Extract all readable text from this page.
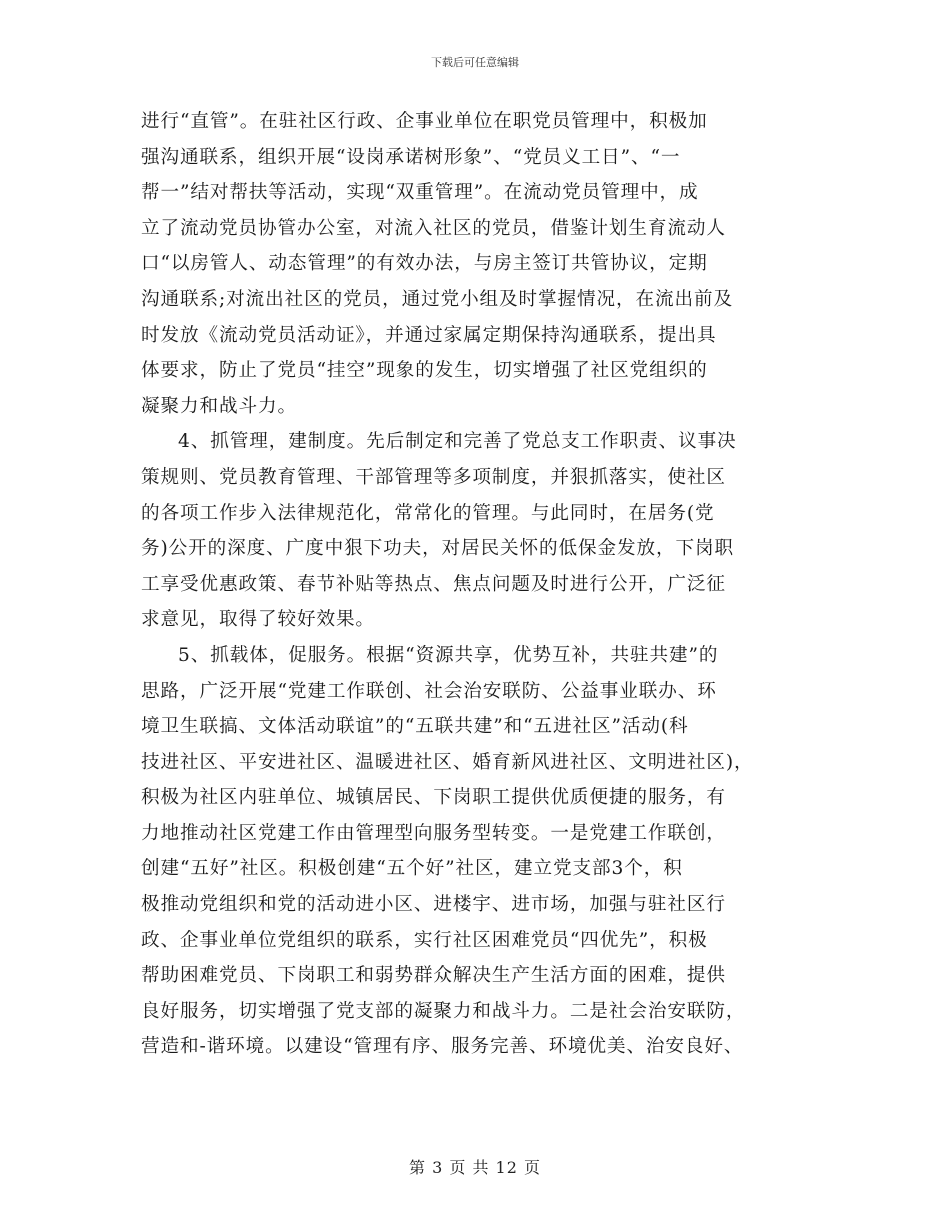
下载后可任意编辑
进行“直管”。在驻社区行政、企事业单位在职党员管理中，积极加
强沟通联系，组织开展“设岗承诺树形象”、“党员义工日”、“一
帮一”结对帮扶等活动，实现“双重管理”。在流动党员管理中，成
立了流动党员协管办公室，对流入社区的党员，借鉴计划生育流动人
口“以房管人、动态管理”的有效办法，与房主签订共管协议，定期
沟通联系;对流出社区的党员，通过党小组及时掌握情况，在流出前及
时发放《流动党员活动证》，并通过家属定期保持沟通联系，提出具
体要求，防止了党员“挂空”现象的发生，切实增强了社区党组织的
凝聚力和战斗力。
4、抓管理，建制度。先后制定和完善了党总支工作职责、议事决
策规则、党员教育管理、干部管理等多项制度，并狠抓落实，使社区
的各项工作步入法律规范化，常常化的管理。与此同时，在居务(党
务)公开的深度、广度中狠下功夫，对居民关怀的低保金发放，下岗职
工享受优惠政策、春节补贴等热点、焦点问题及时进行公开，广泛征
求意见，取得了较好效果。
5、抓载体，促服务。根据“资源共享，优势互补，共驻共建”的
思路，广泛开展“党建工作联创、社会治安联防、公益事业联办、环
境卫生联搞、文体活动联谊”的“五联共建”和“五进社区”活动(科
技进社区、平安进社区、温暖进社区、婚育新风进社区、文明进社区)，
积极为社区内驻单位、城镇居民、下岗职工提供优质便捷的服务，有
力地推动社区党建工作由管理型向服务型转变。一是党建工作联创，
创建“五好”社区。积极创建“五个好”社区，建立党支部3个，积
极推动党组织和党的活动进小区、进楼宇、进市场，加强与驻社区行
政、企事业单位党组织的联系，实行社区困难党员“四优先”，积极
帮助困难党员、下岗职工和弱势群众解决生产生活方面的困难，提供
良好服务，切实增强了党支部的凝聚力和战斗力。二是社会治安联防，
营造和-谐环境。以建设“管理有序、服务完善、环境优美、治安良好、
第 3 页 共 12 页
